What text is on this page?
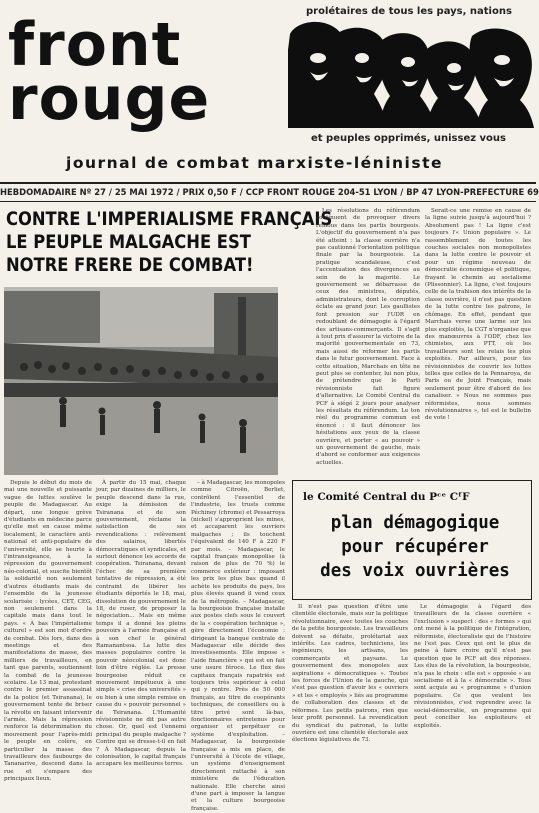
front
rouge
prolétaires de tous les pays, nations
et peuples opprimés, unissez vous
journal de combat marxiste-léniniste
HEBDOMADAIRE Nº 27 / 25 MAI 1972 / PRIX 0,50 F / CCP FRONT ROUGE 204-51 LYON / BP 47 LYON-PREFECTURE 69
CONTRE L'IMPERIALISME FRANÇAIS
LE PEUPLE MALGACHE EST
NOTRE FRERE DE COMBAT!

Depuis le début du mois de mai une nouvelle et puissante vague de luttes soulève le peuple de Madagascar. Au départ, une longue grève d'étudiants en médecine parce qu'elle met en cause même localement, le caractère anti-national et anti-populaire de l'université, elle se heurte à l'intransigeance, à la répression du gouvernement néo-colonial, et suscite bientôt la solidarité non seulement d'autres étudiants mais de l'ensemble de la jeunesse scolarisée : lycées, CET, CEG, non seulement dans la capitale mais dans tout le pays. « À bas l'impérialisme culturel » est son mot d'ordre de combat. Dès lors, dans des meetings et des manifestations de masse, des milliers de travailleurs, en tant que parents, soutiennent la combat de la jeunesse scolaire. Le 13 mai, protestant contre le premier assassinat de la police (et Tsiranana), le gouvernement tente de briser la révolte en faisant intervenir l'armée. Mais la répression renforce la détermination du mouvement pour l'après-midi le peuple en colère, en particulier la masse des travailleurs des faubourgs de Tananarive, descend dans la rue et s'empare des principaux lieux.

À partir du 15 mai, chaque jour, par dizaines de milliers, le peuple descend dans la rue, exige la démission de Tsiranana et de son gouvernement, réclame la satisfaction de ses revendications : relèvement des salaires, libertés démocratiques et syndicales, et surtout dénonce les accords de coopération. Tsiranana, devant l'échec de sa première tentative de répression, a été contraint de libérer les étudiants déportés le 18, mai, dissolution du gouvernement le 18, de ruser, de proposer la négociation... Mais en même temps il a donné les pleins pouvoirs à l'armée française et à son chef le général Ramanantsoa. La lutte des masses populaires contre le pouvoir néocolonial est donc loin d'être réglée. La presse bourgeoise réduit ce mouvement impétueux à une simple « crise des universités » ou bien à une simple remise en cause du « pouvoir personnel » de Tsiranana. L'Humanité révisionniste ne dit pas autre chose. Or, quel est l'ennemi principal du peuple malgache ? Contre qui se dresse-t-il en fait ? À Madagascar, depuis la colonisation, le capital français accapare les meilleures terres.

– à Madagascar, les monopoles comme Citroën, Berliet, contrôlent l'essentiel de l'industrie, les trusts comme Péchiney (chrome) et Pessarroya (nickel) s'approprient les mines, et accaparent les ouvriers malgaches ; ils touchent l'équivalent de 140 F à 220 F par mois. – Madagascar, le capital français monopolise (à raison de plus de 70 %) le commerce extérieur : imposant les prix les plus bas quand il achète les produits du pays, les plus élevés quand il vend ceux de la métropole. – Madagascar, la bourgeoisie française installe aux postes clefs sous le couvert de la « coopération technique », gère directement l'économie : dirigeant la banque centrale de Madagascar elle décide des investissements. Elle impose « l'aide financière » qui est en fait une usure féroce. Le flux des capitaux français rapatriés est toujours très supérieur à celui qui y rentre. Près de 50 000 français, au titre de coopérants techniques, de conseillers ou à titre privé sont là-bas, fonctionnaires entretenus pour organiser et perpétuer ce système d'exploitation. – Madagascar, la bourgeoisie française a mis en place, de l'université à l'école de village, un système d'enseignement directement rattaché à son ministère de l'éducation nationale. Elle cherche ainsi d'une part à imposer la langue et la culture bourgeoise française.

Les résolutions du référendum continuent de provoquer divers remous dans les partis bourgeois. L'objectif du gouvernement n'a pas été atteint : la classe ouvrière n'a pas cautionné l'orientation politique finale par la bourgeoisie. La pratique scandaleuse, c'est l'accentuation des divergences au sein de la majorité. Le gouvernement se débarrasse de ceux des ministres, députés, administrateurs, dont le corruption éclate au grand jour. Les gaullistes font pression sur l'UDR en redoublant de démagogie à l'égard des artisans-commerçants. Il s'agit à tout prix d'assurer la victoire de la majorité gouvernementale en 73, mais aussi de réformer les partis dans le futur gouvernement. Face à cette situation, Marchais en tête ne peut plus se contenter, lui non plus, de prétendre que le Parti révisionniste fait figure d'alternative. Le Comité Central du PCF à siégé 2 jours pour analyser les résultats du référendum. Le ton réel du programme commun est énoncé : il faut dénoncer les hésitations aux yeux de la classe ouvrière, et porter « au pouvoir » un gouvernement de gauche, mais d'abord se conformer aux exigences actuelles.

Serait-ce une remise en cause de la ligne suivie jusqu'à aujourd'hui ? Absolument pas ! La ligne c'est toujours l'« Union populaire ». Le rassemblement de toutes les couches sociales non monopolistes dans la lutte contre le pouvoir et pour un régime nouveau de démocratie économique et politique, frayant le chemin au socialisme (Plissonnier). La ligne, c'est toujours celle de la trahison des intérêts de la classe ouvrière, il n'est pas question de la lutte contre les patrons, le chômage. En effet, pendant que Marchais verse une larme sur les plus exploités, la CGT n'organise que des manœuvres à l'ODF, chez les chimistes, aux PTT, où les travailleurs sont les relais les plus exploités. Par ailleurs, pour les révisionnistes de couvrir les luttes telles que celles de la Pennaroya, de Paris ou de Joint Français, mais seulement pour être d'abord de les canaliser. « Nous ne sommes pas réformistes, nous sommes révolutionnaires », tel est le bulletin de vote !

le Comité Central du Pᶜᵉ CᶠF
plan démagogique
pour récupérer
des voix ouvrières

Il n'est pas question d'être une clientèle électorale, mais sur la politique révolutionnaire, avec toutes les couches de la petite bourgeoisie. Les travailleurs doivent sa défaite, prolétariat aux intérêts. Les cadres, techniciens, les ingénieurs, les artisans, les commerçants et paysans. Le gouvernement des monopoles aux aspirations « démocratiques ». Toutes les forces de l'Union de la gauche, qui s'est pas question d'avoir les « ouvriers » et les « employés » liés au programme de collaboration des classes et de réformes. Les petits patrons, rien que leur profit personnel. La revendication du syndicat du patronat, la lutte ouvrière est une clientèle électorale aux élections législatives de 73.

Le démagogie à l'égard des travailleurs de la classe ouvrière « l'exclusion » suspect : des « formes » qui ont mené à la politique de l'intégration, réformiste, électoraliste qui de l'histoire ne l'est pas. Ceux qui ont le plus de peine à faire croire qu'il n'est pas question que le PCF ait des réponses. Les élus de la révolution, la bourgeoisie, n'a pas le choix : elle est « opposée » au socialisme et à la « démocratie ». Tous sont acquis au « programme » d'union populaire. Ce que veulent les révisionnistes, c'est reprendre avec la social-démocratie, un programme qui peut concilier les exploiteurs et exploités.
